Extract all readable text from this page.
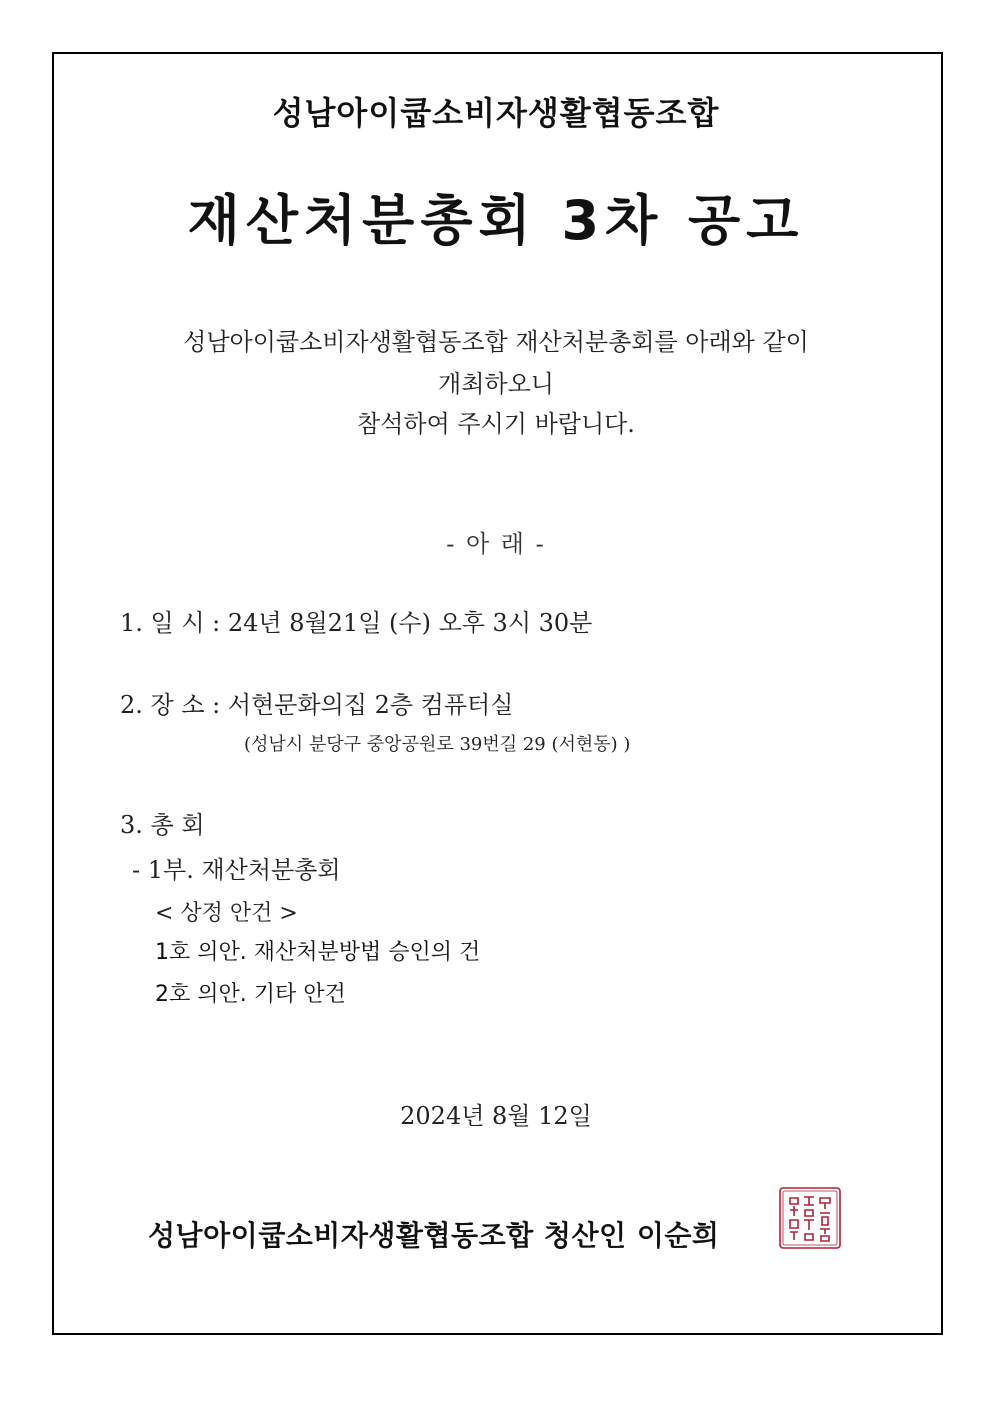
성남아이쿱소비자생활협동조합
재산처분총회 3차 공고
성남아이쿱소비자생활협동조합 재산처분총회를 아래와 같이
개최하오니
참석하여 주시기 바랍니다.
- 아 래 -
1. 일 시 : 24년 8월21일 (수) 오후 3시 30분
2. 장 소 : 서현문화의집 2층 컴퓨터실
(성남시 분당구 중앙공원로 39번길 29 (서현동) )
3. 총 회
- 1부. 재산처분총회
< 상정 안건 >
1호 의안. 재산처분방법 승인의 건
2호 의안. 기타 안건
2024년 8월 12일
성남아이쿱소비자생활협동조합 청산인 이순희
